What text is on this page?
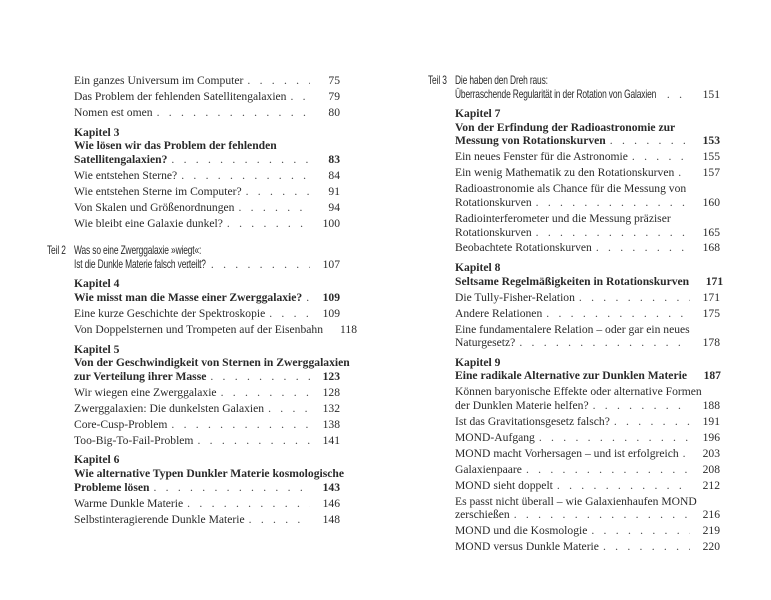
Ein ganzes Universum im Computer . . .	75
Das Problem der fehlenden Satellitengalaxien . . .	79
Nomen est omen . . .	80
Kapitel 3
Wie lösen wir das Problem der fehlenden
Satellitengalaxien? . . .	83
Wie entstehen Sterne? . . .	84
Wie entstehen Sterne im Computer? . . .	91
Von Skalen und Größenordnungen . . .	94
Wie bleibt eine Galaxie dunkel? . . .	100
Teil 2 Was so eine Zwerggalaxie »wiegt«:
Ist die Dunkle Materie falsch verteilt? . . .	107
Kapitel 4
Wie misst man die Masse einer Zwerggalaxie? . . .	109
Eine kurze Geschichte der Spektroskopie . . .	109
Von Doppelsternen und Trompeten auf der Eisenbahn	118
Kapitel 5
Von der Geschwindigkeit von Sternen in Zwerggalaxien
zur Verteilung ihrer Masse . . .	123
Wir wiegen eine Zwerggalaxie . . .	128
Zwerggalaxien: Die dunkelsten Galaxien . . .	132
Core-Cusp-Problem . . .	138
Too-Big-To-Fail-Problem . . .	141
Kapitel 6
Wie alternative Typen Dunkler Materie kosmologische
Probleme lösen . . .	143
Warme Dunkle Materie . . .	146
Selbstinteragierende Dunkle Materie . . .	148
Teil 3 Die haben den Dreh raus:
Überraschende Regularität in der Rotation von Galaxien . . .	151
Kapitel 7
Von der Erfindung der Radioastronomie zur
Messung von Rotationskurven . . .	153
Ein neues Fenster für die Astronomie . . .	155
Ein wenig Mathematik zu den Rotationskurven . . .	157
Radioastronomie als Chance für die Messung von
Rotationskurven . . .	160
Radiointerferometer und die Messung präziser
Rotationskurven . . .	165
Beobachtete Rotationskurven . . .	168
Kapitel 8
Seltsame Regelmäßigkeiten in Rotationskurven	171
Die Tully-Fisher-Relation . . .	171
Andere Relationen . . .	175
Eine fundamentalere Relation – oder gar ein neues
Naturgesetz? . . .	178
Kapitel 9
Eine radikale Alternative zur Dunklen Materie	187
Können baryonische Effekte oder alternative Formen
der Dunklen Materie helfen? . . .	188
Ist das Gravitationsgesetz falsch? . . .	191
MOND-Aufgang . . .	196
MOND macht Vorhersagen – und ist erfolgreich . . .	203
Galaxienpaare . . .	208
MOND sieht doppelt . . .	212
Es passt nicht überall – wie Galaxienhaufen MOND
zerschießen . . .	216
MOND und die Kosmologie . . .	219
MOND versus Dunkle Materie . . .	220
